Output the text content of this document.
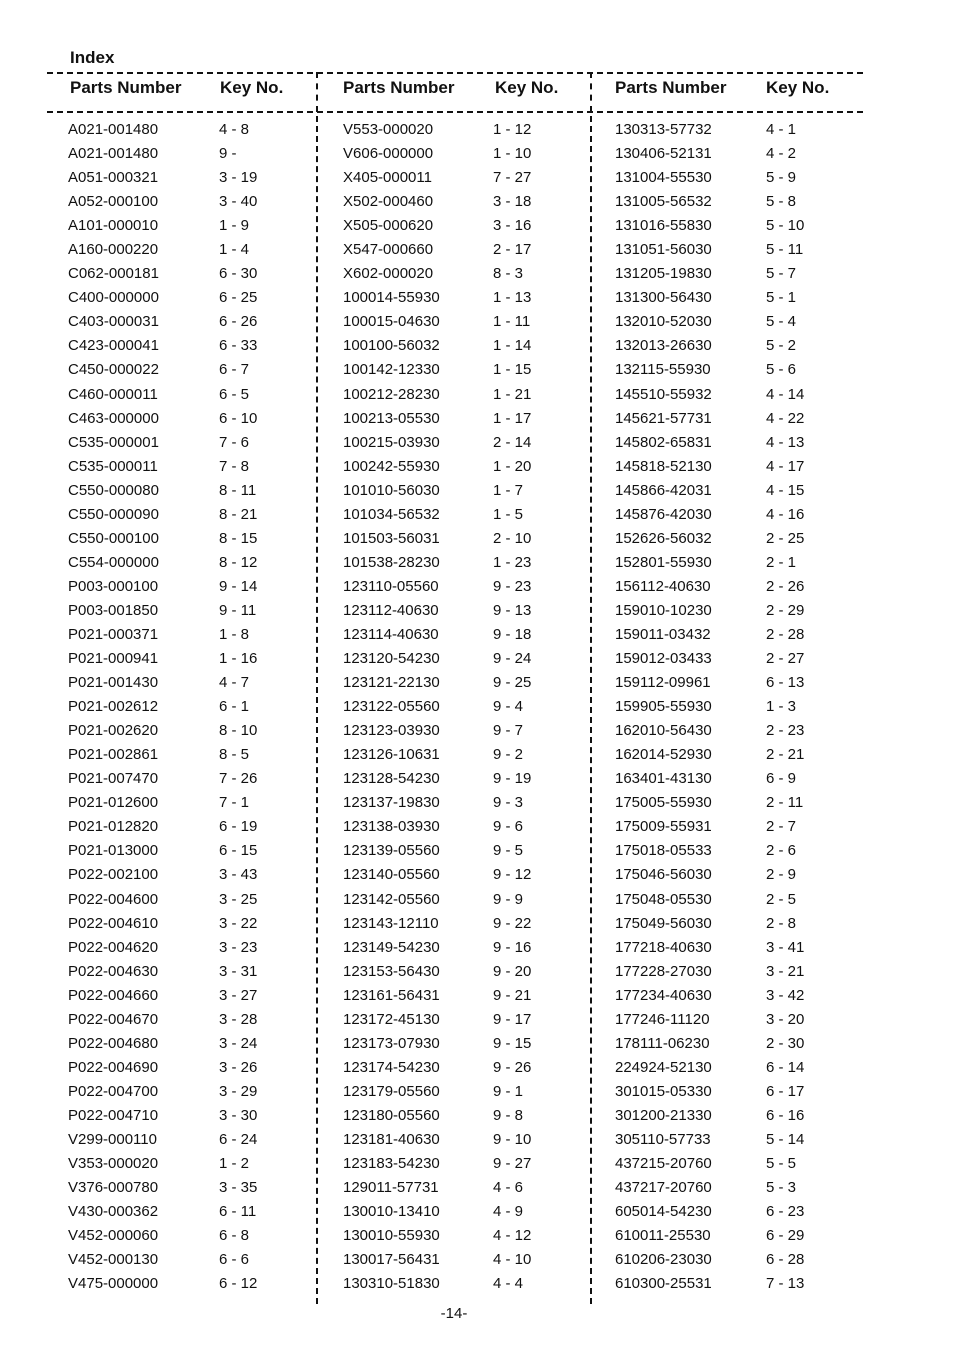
Index
Parts Number Key No.
A021-001480	4 - 8
A021-001480	9 -
A051-000321	3 - 19
A052-000100	3 - 40
A101-000010	1 - 9
A160-000220	1 - 4
C062-000181	6 - 30
C400-000000	6 - 25
C403-000031	6 - 26
C423-000041	6 - 33
C450-000022	6 - 7
C460-000011	6 - 5
C463-000000	6 - 10
C535-000001	7 - 6
C535-000011	7 - 8
C550-000080	8 - 11
C550-000090	8 - 21
C550-000100	8 - 15
C554-000000	8 - 12
P003-000100	9 - 14
P003-001850	9 - 11
P021-000371	1 - 8
P021-000941	1 - 16
P021-001430	4 - 7
P021-002612	6 - 1
P021-002620	8 - 10
P021-002861	8 - 5
P021-007470	7 - 26
P021-012600	7 - 1
P021-012820	6 - 19
P021-013000	6 - 15
P022-002100	3 - 43
P022-004600	3 - 25
P022-004610	3 - 22
P022-004620	3 - 23
P022-004630	3 - 31
P022-004660	3 - 27
P022-004670	3 - 28
P022-004680	3 - 24
P022-004690	3 - 26
P022-004700	3 - 29
P022-004710	3 - 30
V299-000110	6 - 24
V353-000020	1 - 2
V376-000780	3 - 35
V430-000362	6 - 11
V452-000060	6 - 8
V452-000130	6 - 6
V475-000000	6 - 12
Parts Number Key No.
V553-000020	1 - 12
V606-000000	1 - 10
X405-000011	7 - 27
X502-000460	3 - 18
X505-000620	3 - 16
X547-000660	2 - 17
X602-000020	8 - 3
100014-55930	1 - 13
100015-04630	1 - 11
100100-56032	1 - 14
100142-12330	1 - 15
100212-28230	1 - 21
100213-05530	1 - 17
100215-03930	2 - 14
100242-55930	1 - 20
101010-56030	1 - 7
101034-56532	1 - 5
101503-56031	2 - 10
101538-28230	1 - 23
123110-05560	9 - 23
123112-40630	9 - 13
123114-40630	9 - 18
123120-54230	9 - 24
123121-22130	9 - 25
123122-05560	9 - 4
123123-03930	9 - 7
123126-10631	9 - 2
123128-54230	9 - 19
123137-19830	9 - 3
123138-03930	9 - 6
123139-05560	9 - 5
123140-05560	9 - 12
123142-05560	9 - 9
123143-12110	9 - 22
123149-54230	9 - 16
123153-56430	9 - 20
123161-56431	9 - 21
123172-45130	9 - 17
123173-07930	9 - 15
123174-54230	9 - 26
123179-05560	9 - 1
123180-05560	9 - 8
123181-40630	9 - 10
123183-54230	9 - 27
129011-57731	4 - 6
130010-13410	4 - 9
130010-55930	4 - 12
130017-56431	4 - 10
130310-51830	4 - 4
Parts Number Key No.
130313-57732	4 - 1
130406-52131	4 - 2
131004-55530	5 - 9
131005-56532	5 - 8
131016-55830	5 - 10
131051-56030	5 - 11
131205-19830	5 - 7
131300-56430	5 - 1
132010-52030	5 - 4
132013-26630	5 - 2
132115-55930	5 - 6
145510-55932	4 - 14
145621-57731	4 - 22
145802-65831	4 - 13
145818-52130	4 - 17
145866-42031	4 - 15
145876-42030	4 - 16
152626-56032	2 - 25
152801-55930	2 - 1
156112-40630	2 - 26
159010-10230	2 - 29
159011-03432	2 - 28
159012-03433	2 - 27
159112-09961	6 - 13
159905-55930	1 - 3
162010-56430	2 - 23
162014-52930	2 - 21
163401-43130	6 - 9
175005-55930	2 - 11
175009-55931	2 - 7
175018-05533	2 - 6
175046-56030	2 - 9
175048-05530	2 - 5
175049-56030	2 - 8
177218-40630	3 - 41
177228-27030	3 - 21
177234-40630	3 - 42
177246-11120	3 - 20
178111-06230	2 - 30
224924-52130	6 - 14
301015-05330	6 - 17
301200-21330	6 - 16
305110-57733	5 - 14
437215-20760	5 - 5
437217-20760	5 - 3
605014-54230	6 - 23
610011-25530	6 - 29
610206-23030	6 - 28
610300-25531	7 - 13
-14-
